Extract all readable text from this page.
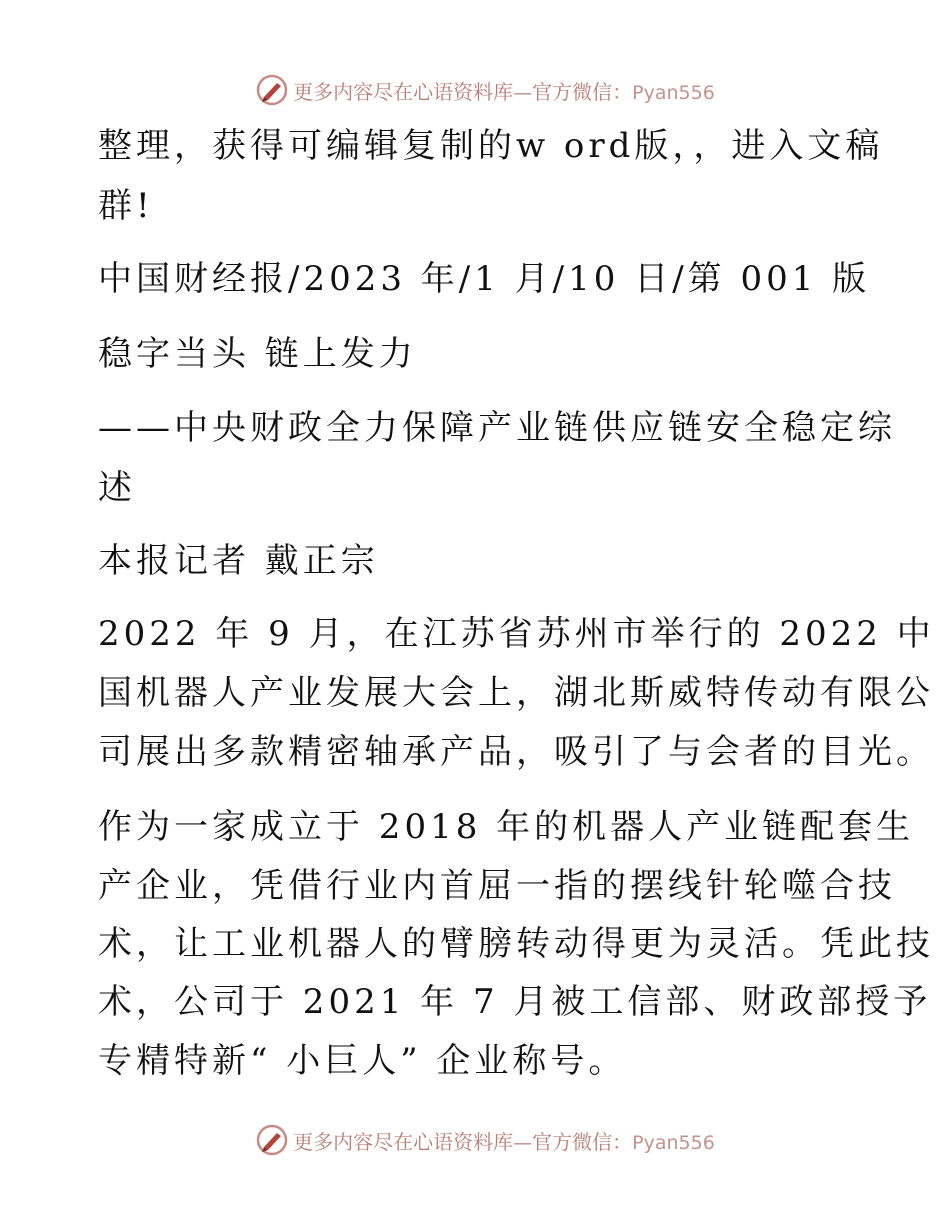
更多内容尽在心语资料库—官方微信：Pyan556
整理，获得可编辑复制的w ord版，，进入文稿
群!
中国财经报/2023 年/1 月/10 日/第 001 版
稳字当头 链上发力
——中央财政全力保障产业链供应链安全稳定综
述
本报记者 戴正宗
2022 年 9 月，在江苏省苏州市举行的 2022 中
国机器人产业发展大会上，湖北斯威特传动有限公
司展出多款精密轴承产品，吸引了与会者的目光。
作为一家成立于 2018 年的机器人产业链配套生
产企业，凭借行业内首屈一指的摆线针轮噬合技
术，让工业机器人的臂膀转动得更为灵活。凭此技
术，公司于 2021 年 7 月被工信部、财政部授予
专精特新“ 小巨人” 企业称号。
更多内容尽在心语资料库—官方微信：Pyan556
